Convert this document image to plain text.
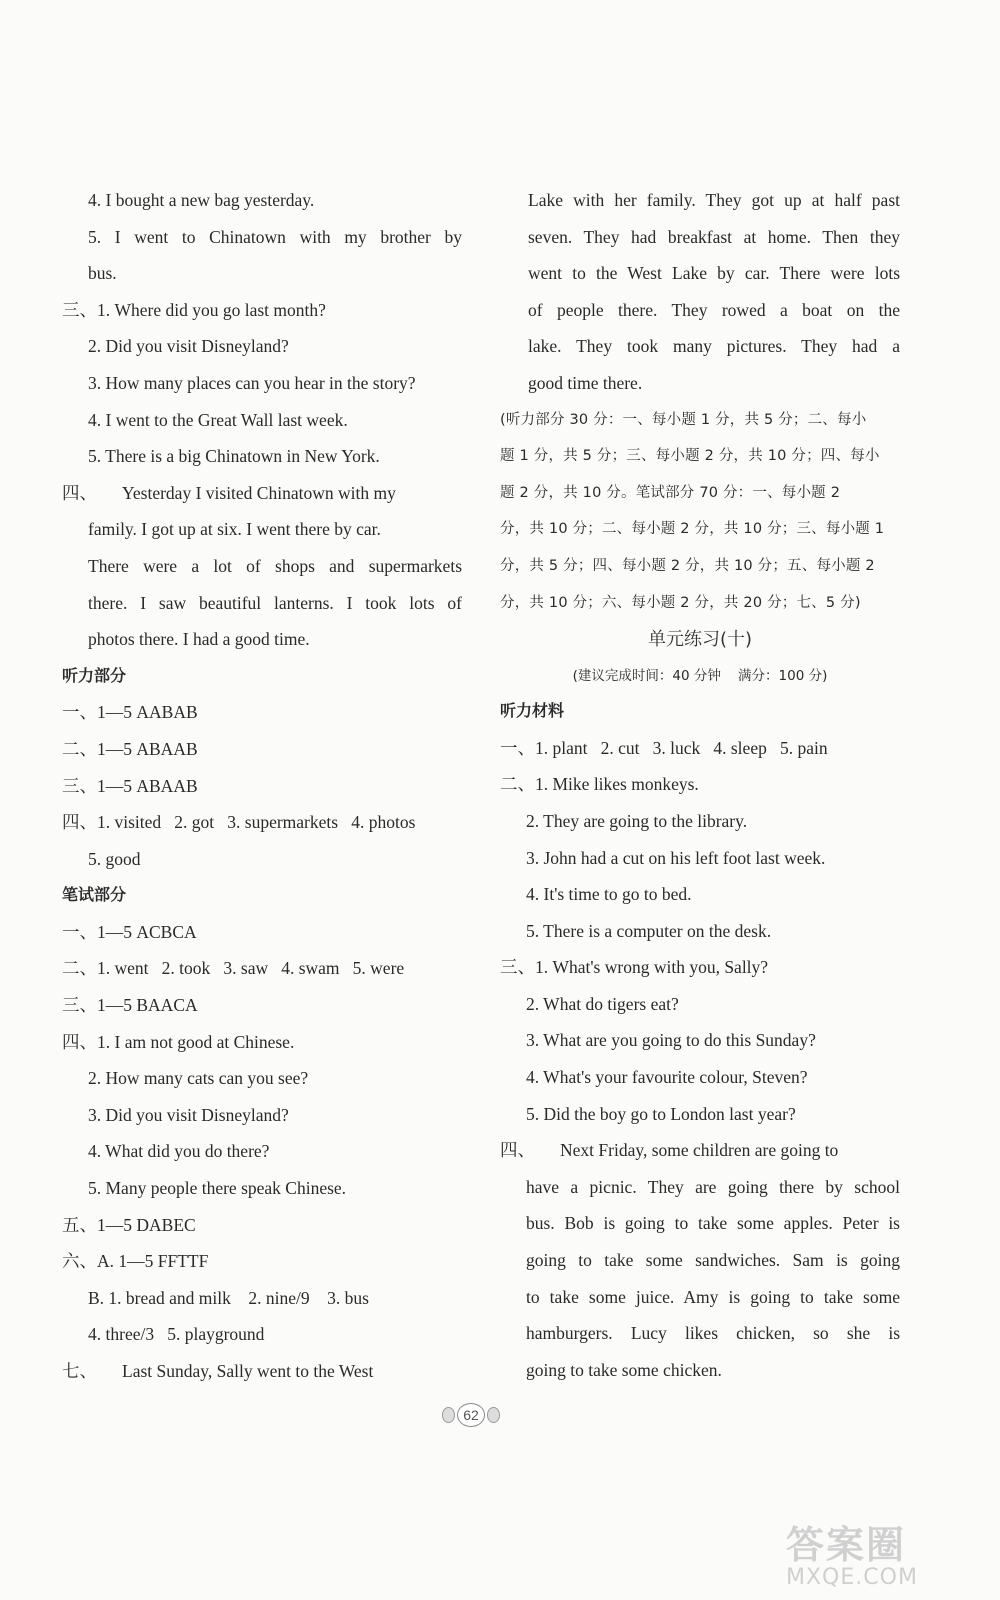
4. I bought a new bag yesterday.
5. I went to Chinatown with my brother by
bus.
三、1. Where did you go last month?
2. Did you visit Disneyland?
3. How many places can you hear in the story?
4. I went to the Great Wall last week.
5. There is a big Chinatown in New York.
四、 Yesterday I visited Chinatown with my
family. I got up at six. I went there by car.
There were a lot of shops and supermarkets
there. I saw beautiful lanterns. I took lots of
photos there. I had a good time.
听力部分
一、1—5 AABAB
二、1—5 ABAAB
三、1—5 ABAAB
四、1. visited   2. got   3. supermarkets   4. photos
5. good
笔试部分
一、1—5 ACBCA
二、1. went   2. took   3. saw   4. swam   5. were
三、1—5 BAACA
四、1. I am not good at Chinese.
2. How many cats can you see?
3. Did you visit Disneyland?
4. What did you do there?
5. Many people there speak Chinese.
五、1—5 DABEC
六、A. 1—5 FFTTF
B. 1. bread and milk    2. nine/9    3. bus
4. three/3   5. playground
七、 Last Sunday, Sally went to the West
Lake with her family. They got up at half past
seven. They had breakfast at home. Then they
went to the West Lake by car. There were lots
of people there. They rowed a boat on the
lake. They took many pictures. They had a
good time there.
(听力部分 30 分：一、每小题 1 分，共 5 分；二、每小
题 1 分，共 5 分；三、每小题 2 分，共 10 分；四、每小
题 2 分，共 10 分。笔试部分 70 分：一、每小题 2
分，共 10 分；二、每小题 2 分，共 10 分；三、每小题 1
分，共 5 分；四、每小题 2 分，共 10 分；五、每小题 2
分，共 10 分；六、每小题 2 分，共 20 分；七、5 分)
单元练习(十)
(建议完成时间：40 分钟    满分：100 分)
听力材料
一、1. plant   2. cut   3. luck   4. sleep   5. pain
二、1. Mike likes monkeys.
2. They are going to the library.
3. John had a cut on his left foot last week.
4. It's time to go to bed.
5. There is a computer on the desk.
三、1. What's wrong with you, Sally?
2. What do tigers eat?
3. What are you going to do this Sunday?
4. What's your favourite colour, Steven?
5. Did the boy go to London last year?
四、 Next Friday, some children are going to
have a picnic. They are going there by school
bus. Bob is going to take some apples. Peter is
going to take some sandwiches. Sam is going
to take some juice. Amy is going to take some
hamburgers. Lucy likes chicken, so she is
going to take some chicken.
62
答案圈
MXQE.COM
